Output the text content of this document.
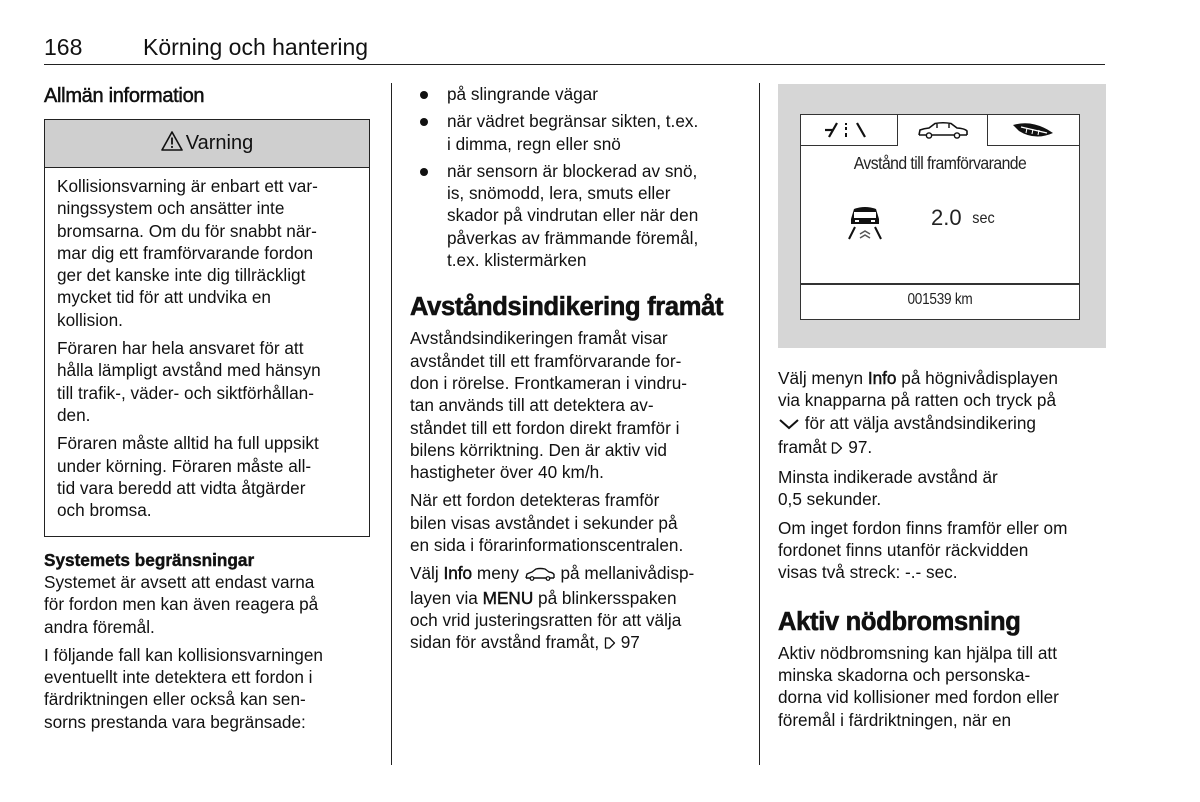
168	Körning och hantering
Allmän information
Varning

Kollisionsvarning är enbart ett var-

ningssystem och ansätter inte

bromsarna. Om du för snabbt när-

mar dig ett framförvarande fordon

ger det kanske inte dig tillräckligt

mycket tid för att undvika en

kollision.

Föraren har hela ansvaret för att

hålla lämpligt avstånd med hänsyn

till trafik-, väder- och siktförhållan-

den.

Föraren måste alltid ha full uppsikt

under körning. Föraren måste all-

tid vara beredd att vidta åtgärder

och bromsa.

Systemets begränsningar

Systemet är avsett att endast varna

för fordon men kan även reagera på

andra föremål.

I följande fall kan kollisionsvarningen

eventuellt inte detektera ett fordon i

färdriktningen eller också kan sen-

sorns prestanda vara begränsade:

på slingrande vägar
när vädret begränsar sikten, t.ex.
i dimma, regn eller snö
när sensorn är blockerad av snö,
is, snömodd, lera, smuts eller
skador på vindrutan eller när den
påverkas av främmande föremål,
t.ex. klistermärken
Avståndsindikering framåt

Avståndsindikeringen framåt visar

avståndet till ett framförvarande for-

don i rörelse. Frontkameran i vindru-

tan används till att detektera av-

ståndet till ett fordon direkt framför i

bilens körriktning. Den är aktiv vid

hastigheter över 40 km/h.

När ett fordon detekteras framför

bilen visas avståndet i sekunder på

en sida i förarinformationscentralen.

Välj Info meny  på mellanivådisp-

layen via MENU på blinkersspaken

och vrid justeringsratten för att välja

sidan för avstånd framåt,  97

Avstånd till framförvarande
2.0 sec
001539 km

Välj menyn Info på högnivådisplayen

via knapparna på ratten och tryck på

för att välja avståndsindikering

framåt  97.

Minsta indikerade avstånd är

0,5 sekunder.

Om inget fordon finns framför eller om

fordonet finns utanför räckvidden

visas två streck: -.- sec.

Aktiv nödbromsning

Aktiv nödbromsning kan hjälpa till att

minska skadorna och personska-

dorna vid kollisioner med fordon eller

föremål i färdriktningen, när en
